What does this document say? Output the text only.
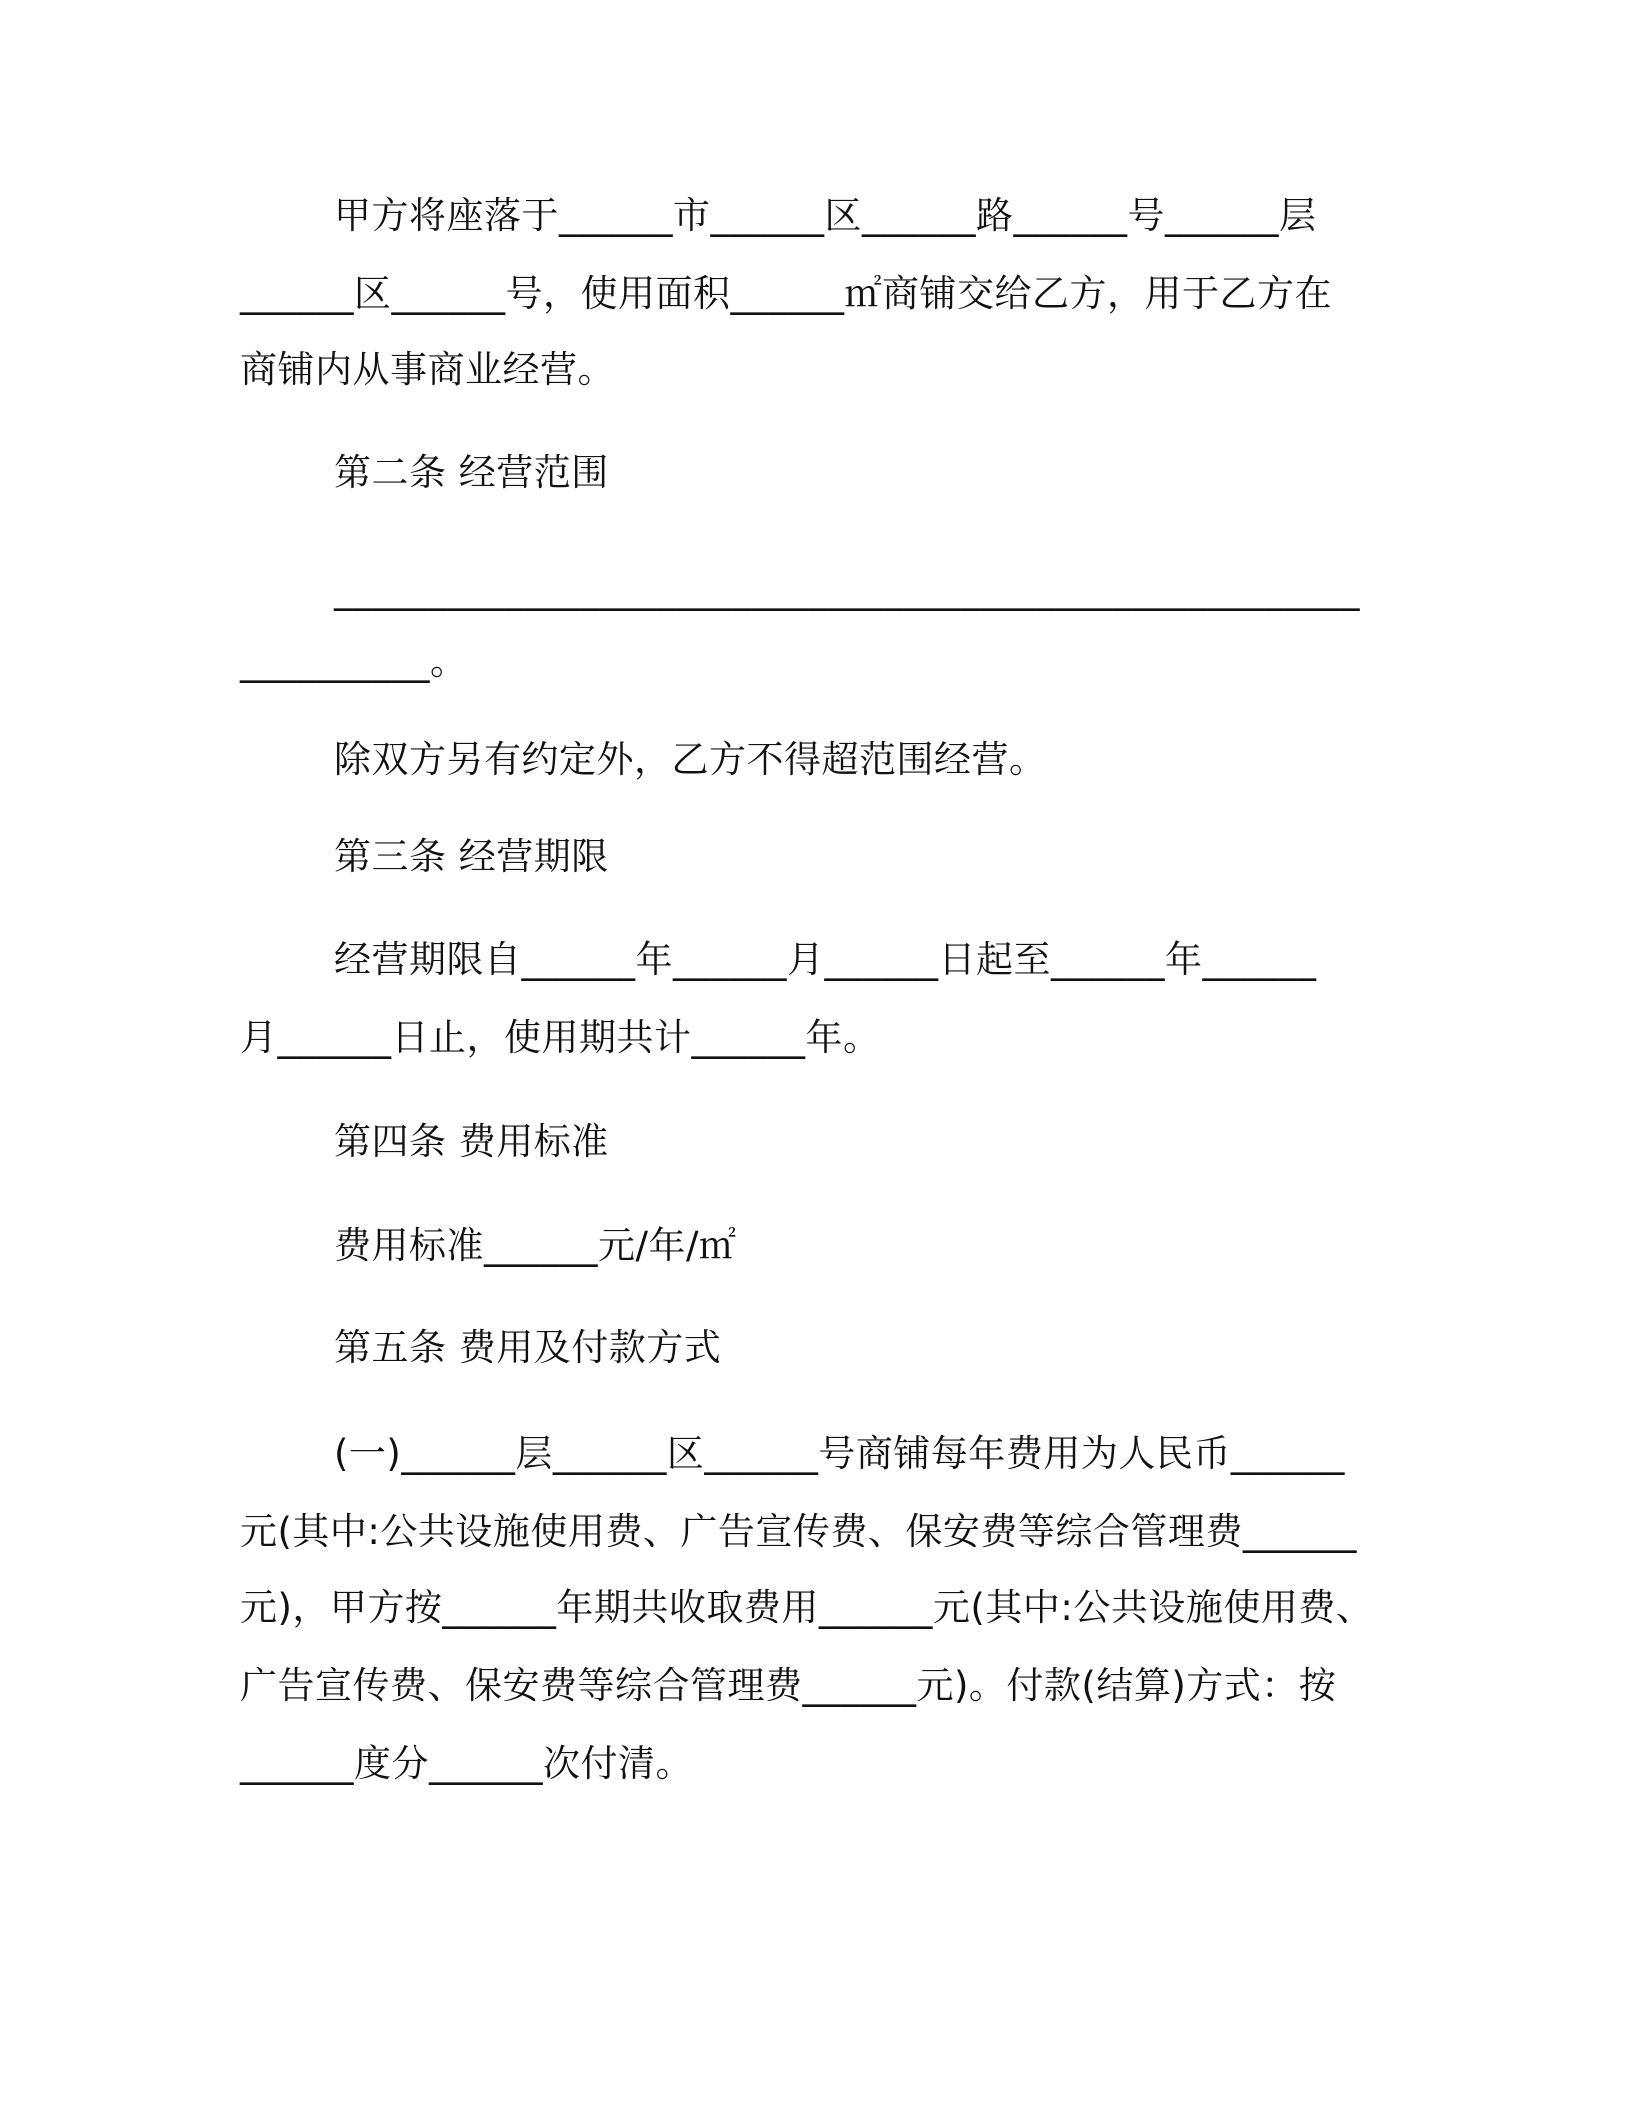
甲方将座落于______市______区______路______号______层
______区______号，使用面积______㎡商铺交给乙方，用于乙方在
商铺内从事商业经营。
第二条 经营范围
______________________________________________________
__________。
除双方另有约定外，乙方不得超范围经营。
第三条 经营期限
经营期限自______年______月______日起至______年______
月______日止，使用期共计______年。
第四条 费用标准
费用标准______元/年/㎡
第五条 费用及付款方式
(一)______层______区______号商铺每年费用为人民币______
元(其中:公共设施使用费、广告宣传费、保安费等综合管理费______
元)，甲方按______年期共收取费用______元(其中:公共设施使用费、
广告宣传费、保安费等综合管理费______元)。付款(结算)方式：按
______度分______次付清。
